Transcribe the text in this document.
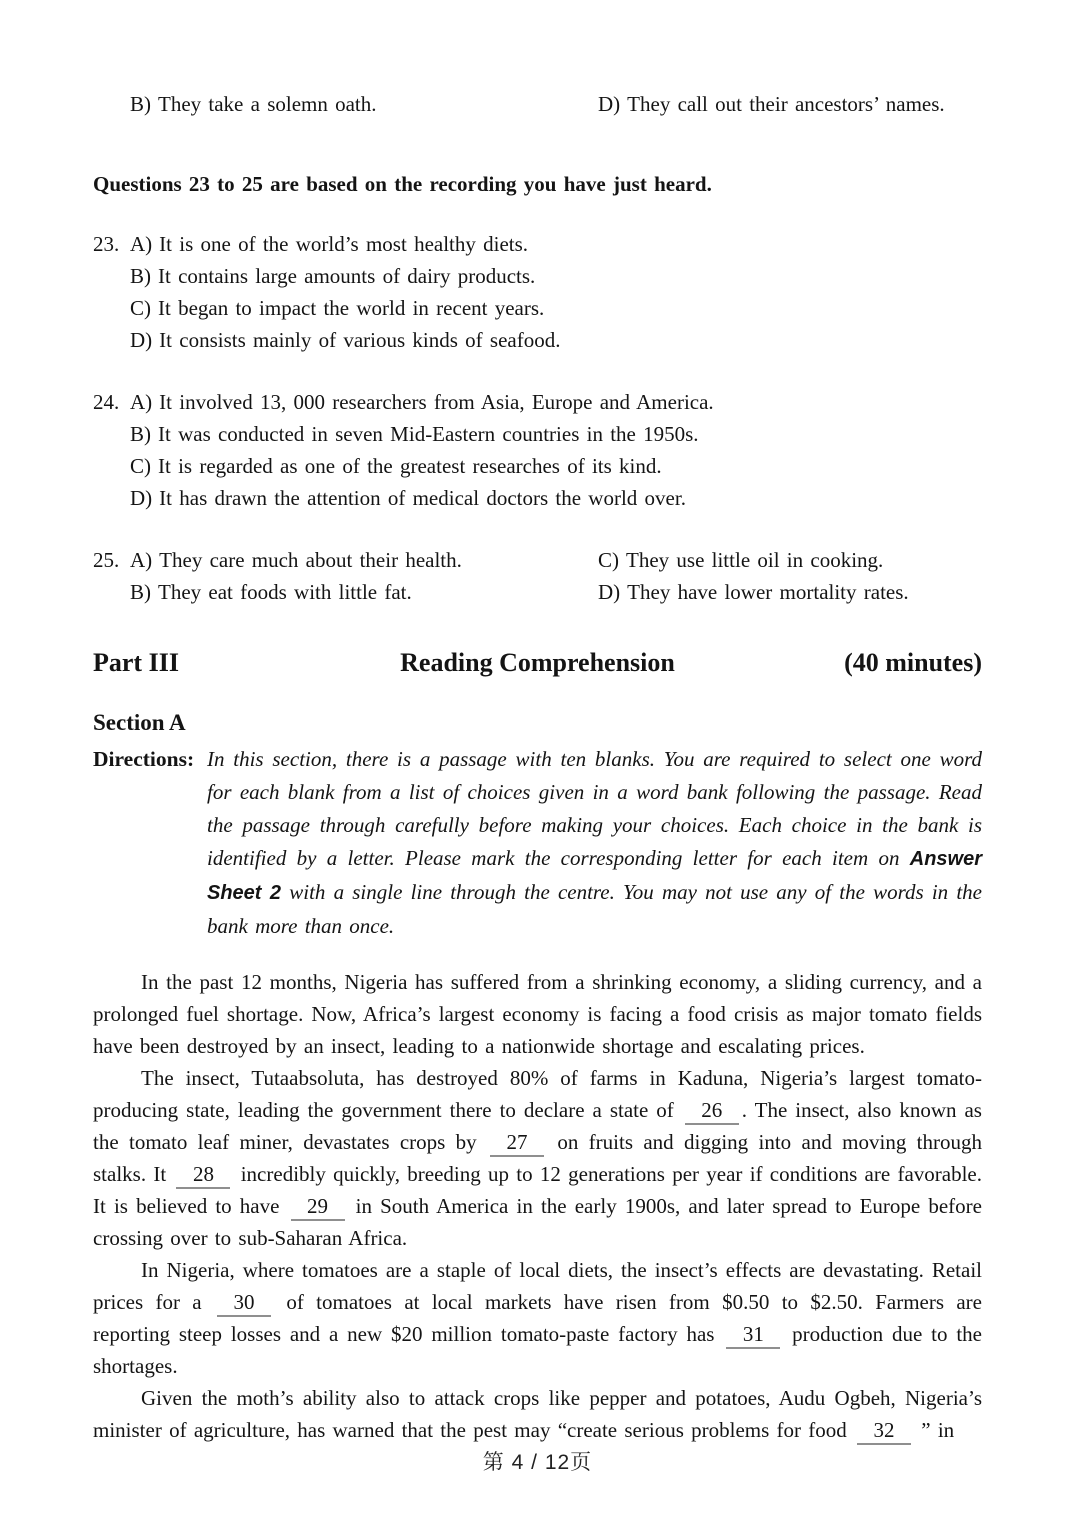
B) They take a solemn oath.	D) They call out their ancestors’ names.
Questions 23 to 25 are based on the recording you have just heard.
23. A) It is one of the world’s most healthy diets.
B) It contains large amounts of dairy products.
C) It began to impact the world in recent years.
D) It consists mainly of various kinds of seafood.
24. A) It involved 13, 000 researchers from Asia, Europe and America.
B) It was conducted in seven Mid-Eastern countries in the 1950s.
C) It is regarded as one of the greatest researches of its kind.
D) It has drawn the attention of medical doctors the world over.
25. A) They care much about their health.	C) They use little oil in cooking.
B) They eat foods with little fat.	D) They have lower mortality rates.
Part III	Reading Comprehension	(40 minutes)
Section A
Directions: In this section, there is a passage with ten blanks. You are required to select one word for each blank from a list of choices given in a word bank following the passage. Read the passage through carefully before making your choices. Each choice in the bank is identified by a letter. Please mark the corresponding letter for each item on Answer Sheet 2 with a single line through the centre. You may not use any of the words in the bank more than once.

In the past 12 months, Nigeria has suffered from a shrinking economy, a sliding currency, and a prolonged fuel shortage. Now, Africa’s largest economy is facing a food crisis as major tomato fields have been destroyed by an insect, leading to a nationwide shortage and escalating prices.

The insect, Tutaabsoluta, has destroyed 80% of farms in Kaduna, Nigeria’s largest tomato-producing state, leading the government there to declare a state of 26 . The insect, also known as the tomato leaf miner, devastates crops by 27 on fruits and digging into and moving through stalks. It 28 incredibly quickly, breeding up to 12 generations per year if conditions are favorable. It is believed to have 29 in South America in the early 1900s, and later spread to Europe before crossing over to sub-Saharan Africa.

In Nigeria, where tomatoes are a staple of local diets, the insect’s effects are devastating. Retail prices for a 30 of tomatoes at local markets have risen from $0.50 to $2.50. Farmers are reporting steep losses and a new $20 million tomato-paste factory has 31 production due to the shortages.

Given the moth’s ability also to attack crops like pepper and potatoes, Audu Ogbeh, Nigeria’s minister of agriculture, has warned that the pest may “create serious problems for food 32 ” in

第 4 / 12页
